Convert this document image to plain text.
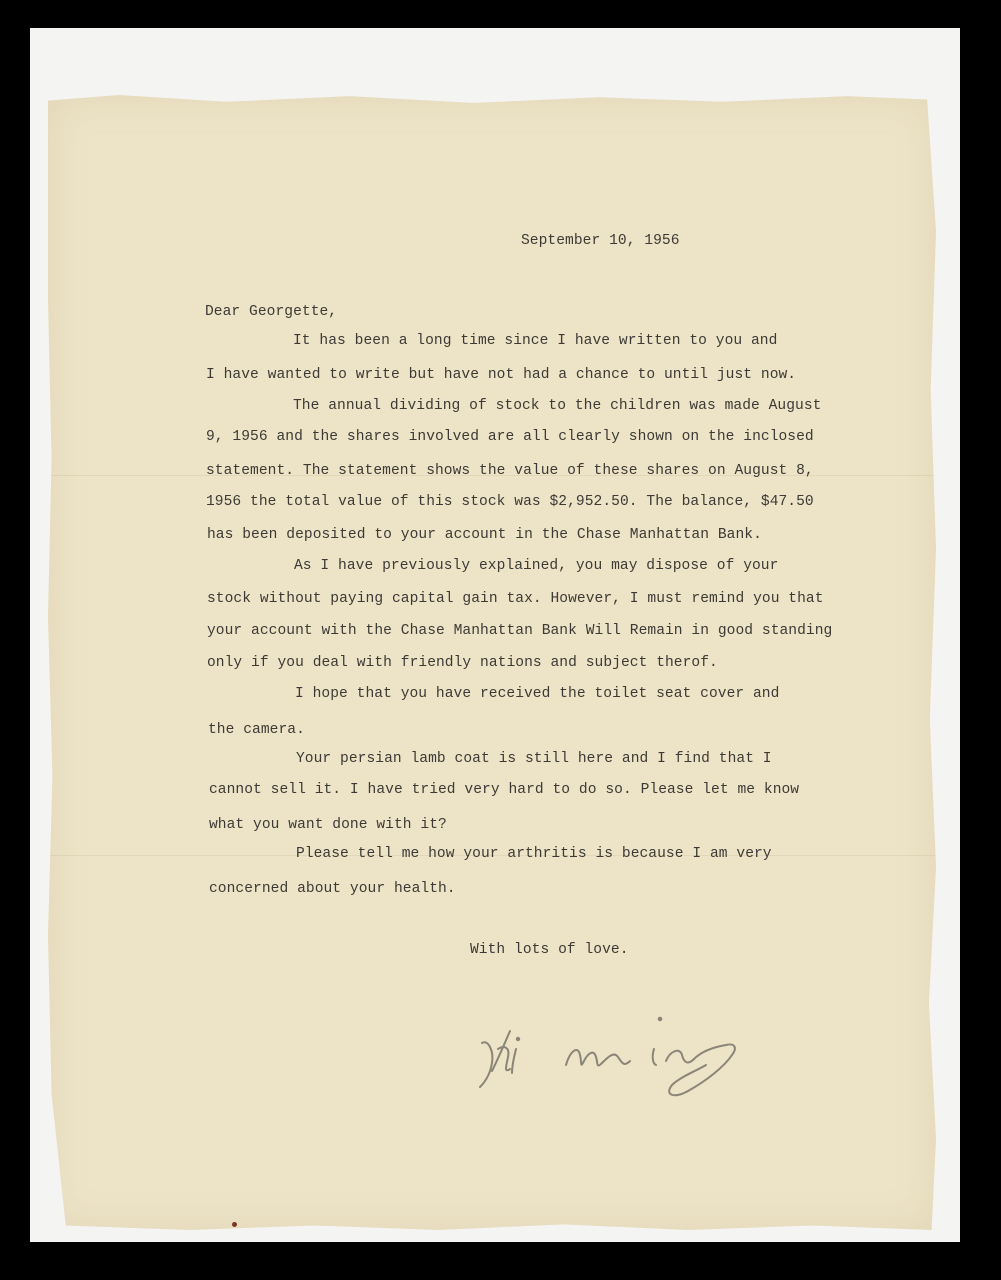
September 10, 1956
Dear Georgette,
It has been a long time since I have written to you and
I have wanted to write but have not had a chance to until just now.
The annual dividing of stock to the children was made August
9, 1956 and the shares involved are all clearly shown on the inclosed
statement. The statement shows the value of these shares on August 8,
1956 the total value of this stock was $2,952.50. The balance, $47.50
has been deposited to your account in the Chase Manhattan Bank.
As I have previously explained, you may dispose of your
stock without paying capital gain tax. However, I must remind you that
your account with the Chase Manhattan Bank Will Remain in good standing
only if you deal with friendly nations and subject therof.
I hope that you have received the toilet seat cover and
the camera.
Your persian lamb coat is still here and I find that I
cannot sell it. I have tried very hard to do so. Please let me know
what you want done with it?
Please tell me how your arthritis is because I am very
concerned about your health.
With lots of love.
